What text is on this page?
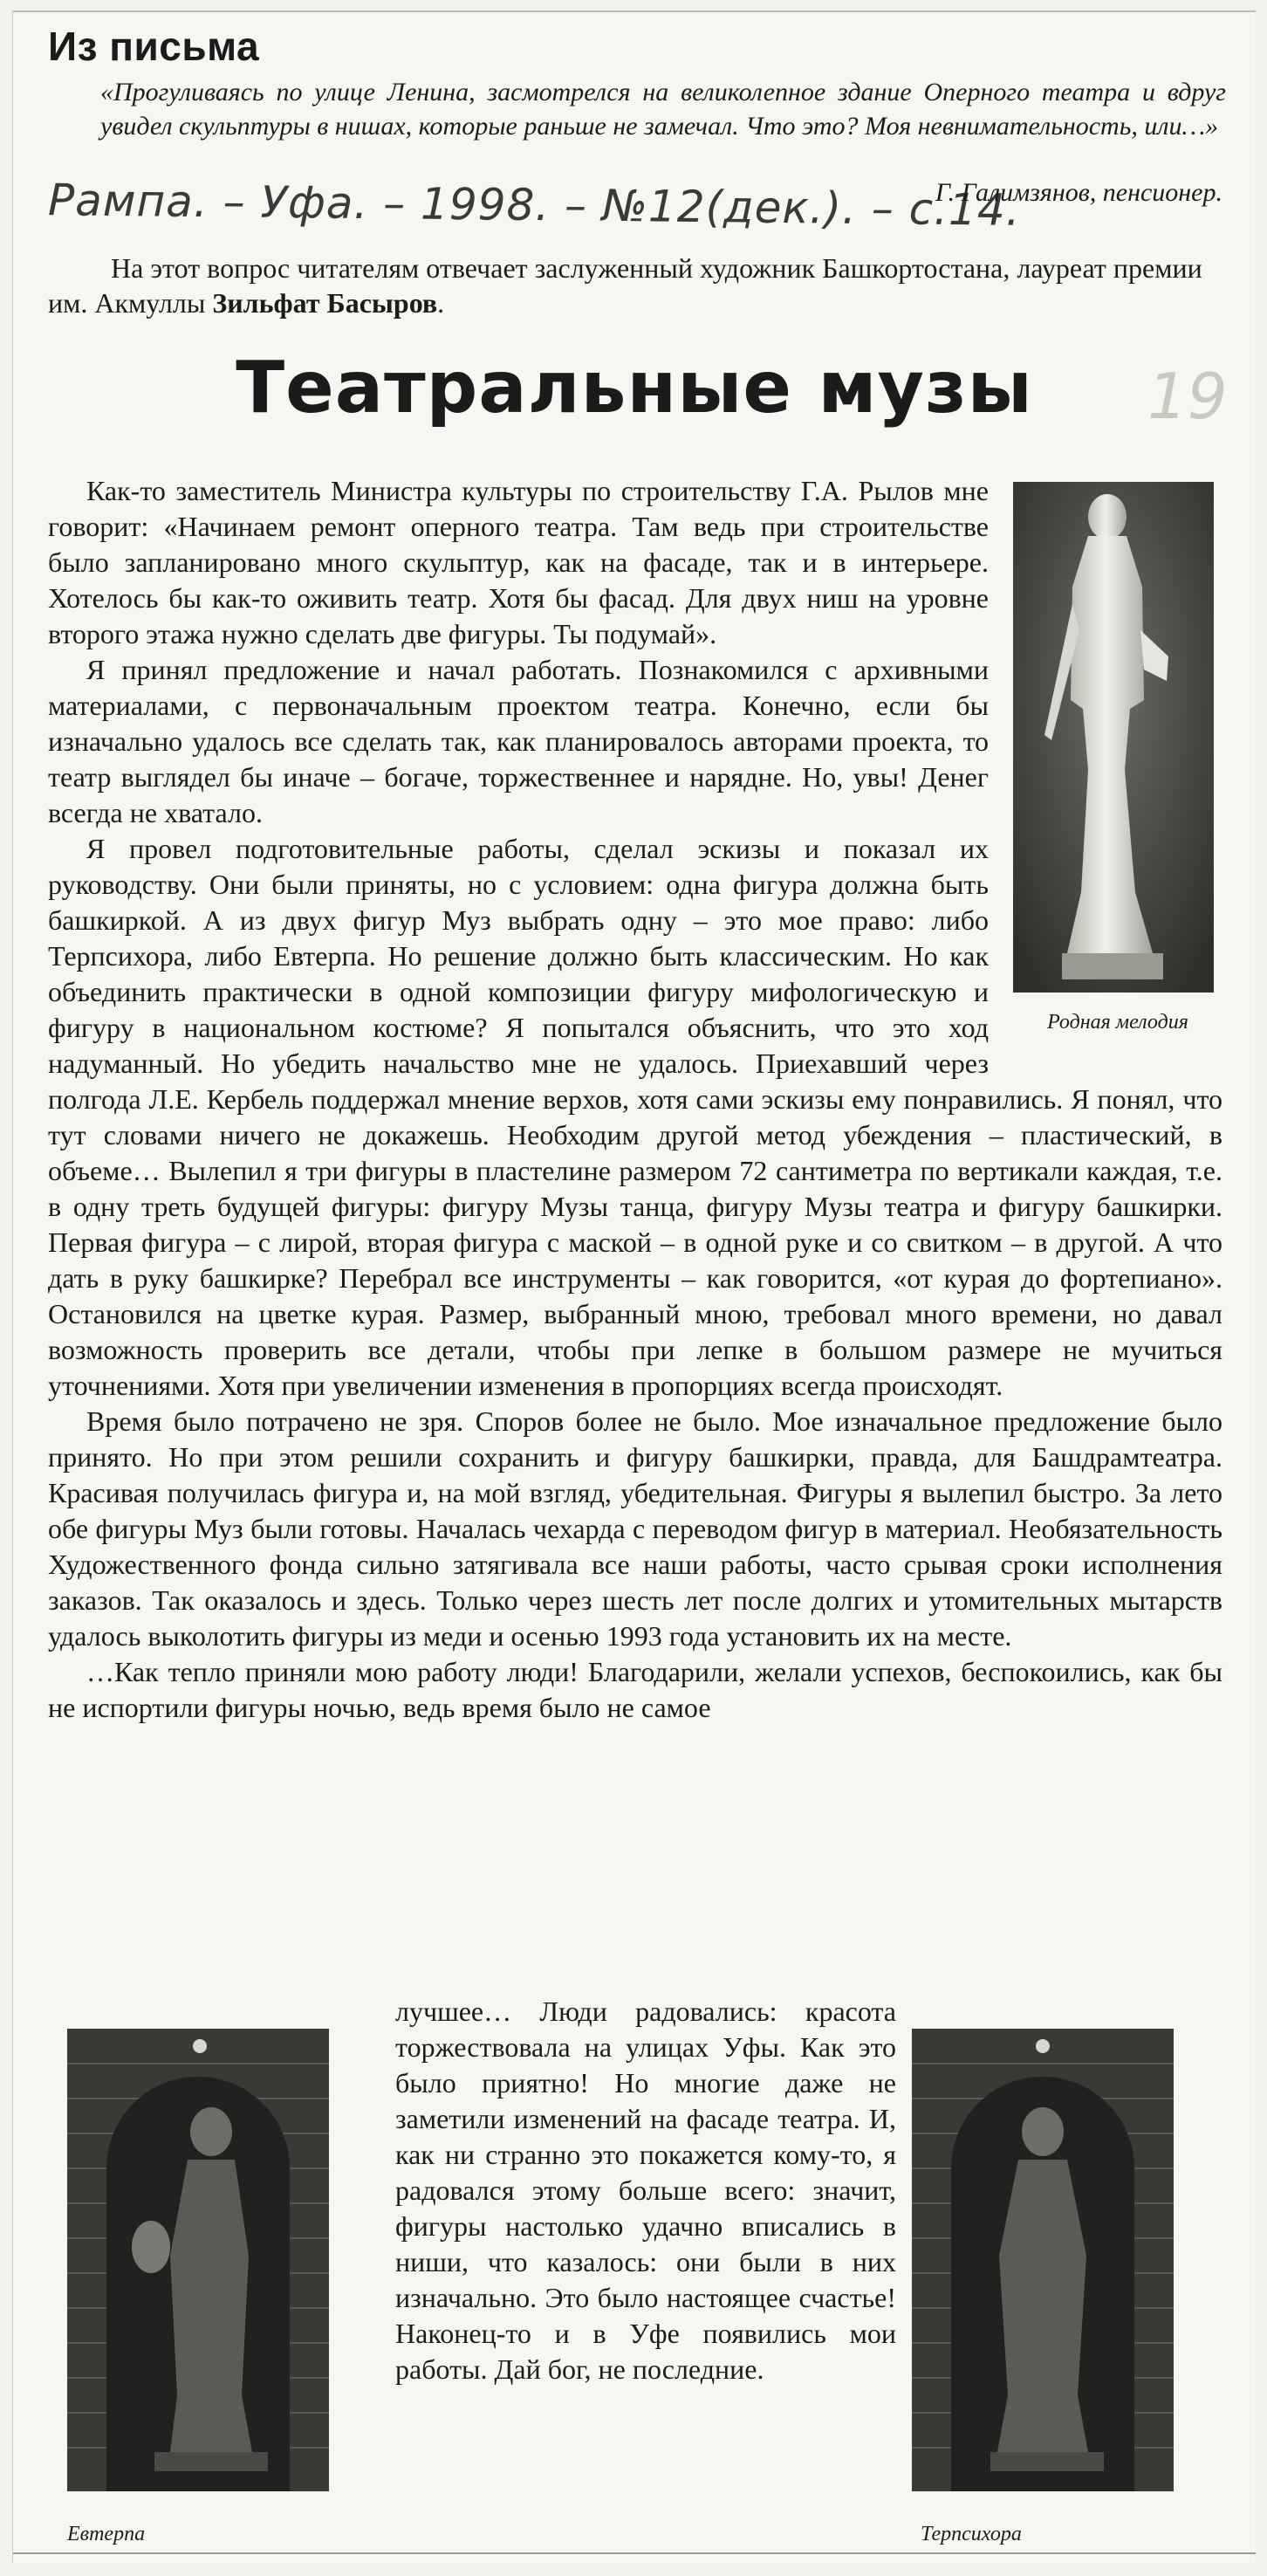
Из письма
«Прогуливаясь по улице Ленина, засмотрелся на великолепное здание Оперного театра и вдруг увидел скульптуры в нишах, которые раньше не замечал. Что это? Моя невнимательность, или…»
Рампа. – Уфа. – 1998. – №12(дек.). – с.14.
Г. Галимзянов, пенсионер.
На этот вопрос читателям отвечает заслуженный художник Башкортостана, лауреат премии им. Акмуллы Зильфат Басыров.
Театральные музы	19
Родная мелодия

Как-то заместитель Министра культуры по строительству Г.А. Рылов мне говорит: «Начинаем ремонт оперного театра. Там ведь при строительстве было запланировано много скульптур, как на фасаде, так и в интерьере. Хотелось бы как-то оживить театр. Хотя бы фасад. Для двух ниш на уровне второго этажа нужно сделать две фигуры. Ты подумай».

Я принял предложение и начал работать. Познакомился с архивными материалами, с первоначальным проектом театра. Конечно, если бы изначально удалось все сделать так, как планировалось авторами проекта, то театр выглядел бы иначе – богаче, торжественнее и нарядне. Но, увы! Денег всегда не хватало.

Я провел подготовительные работы, сделал эскизы и показал их руководству. Они были приняты, но с условием: одна фигура должна быть башкиркой. А из двух фигур Муз выбрать одну – это мое право: либо Терпсихора, либо Евтерпа. Но решение должно быть классическим. Но как объединить практически в одной композиции фигуру мифологическую и фигуру в национальном костюме? Я попытался объяснить, что это ход надуманный. Но убедить начальство мне не удалось. Приехавший через полгода Л.Е. Кербель поддержал мнение верхов, хотя сами эскизы ему понравились. Я понял, что тут словами ничего не докажешь. Необходим другой метод убеждения – пластический, в объеме… Вылепил я три фигуры в пластелине размером 72 сантиметра по вертикали каждая, т.е. в одну треть будущей фигуры: фигуру Музы танца, фигуру Музы театра и фигуру башкирки. Первая фигура – с лирой, вторая фигура с маской – в одной руке и со свитком – в другой. А что дать в руку башкирке? Перебрал все инструменты – как говорится, «от курая до фортепиано». Остановился на цветке курая. Размер, выбранный мною, требовал много времени, но давал возможность проверить все детали, чтобы при лепке в большом размере не мучиться уточнениями. Хотя при увеличении изменения в пропорциях всегда происходят.

Время было потрачено не зря. Споров более не было. Мое изначальное предложение было принято. Но при этом решили сохранить и фигуру башкирки, правда, для Башдрамтеатра. Красивая получилась фигура и, на мой взгляд, убедительная. Фигуры я вылепил быстро. За лето обе фигуры Муз были готовы. Началась чехарда с переводом фигур в материал. Необязательность Художественного фонда сильно затягивала все наши работы, часто срывая сроки исполнения заказов. Так оказалось и здесь. Только через шесть лет после долгих и утомительных мытарств удалось выколотить фигуры из меди и осенью 1993 года установить их на месте.

…Как тепло приняли мою работу люди! Благодарили, желали успехов, беспокоились, как бы не испортили фигуры ночью, ведь время было не самое

Евтерпа	Терпсихора

лучшее… Люди радовались: красота торжествовала на улицах Уфы. Как это было приятно! Но многие даже не заметили изменений на фасаде театра. И, как ни странно это покажется кому-то, я радовался этому больше всего: значит, фигуры настолько удачно вписались в ниши, что казалось: они были в них изначально. Это было настоящее счастье! Наконец-то и в Уфе появились мои работы. Дай бог, не последние.
